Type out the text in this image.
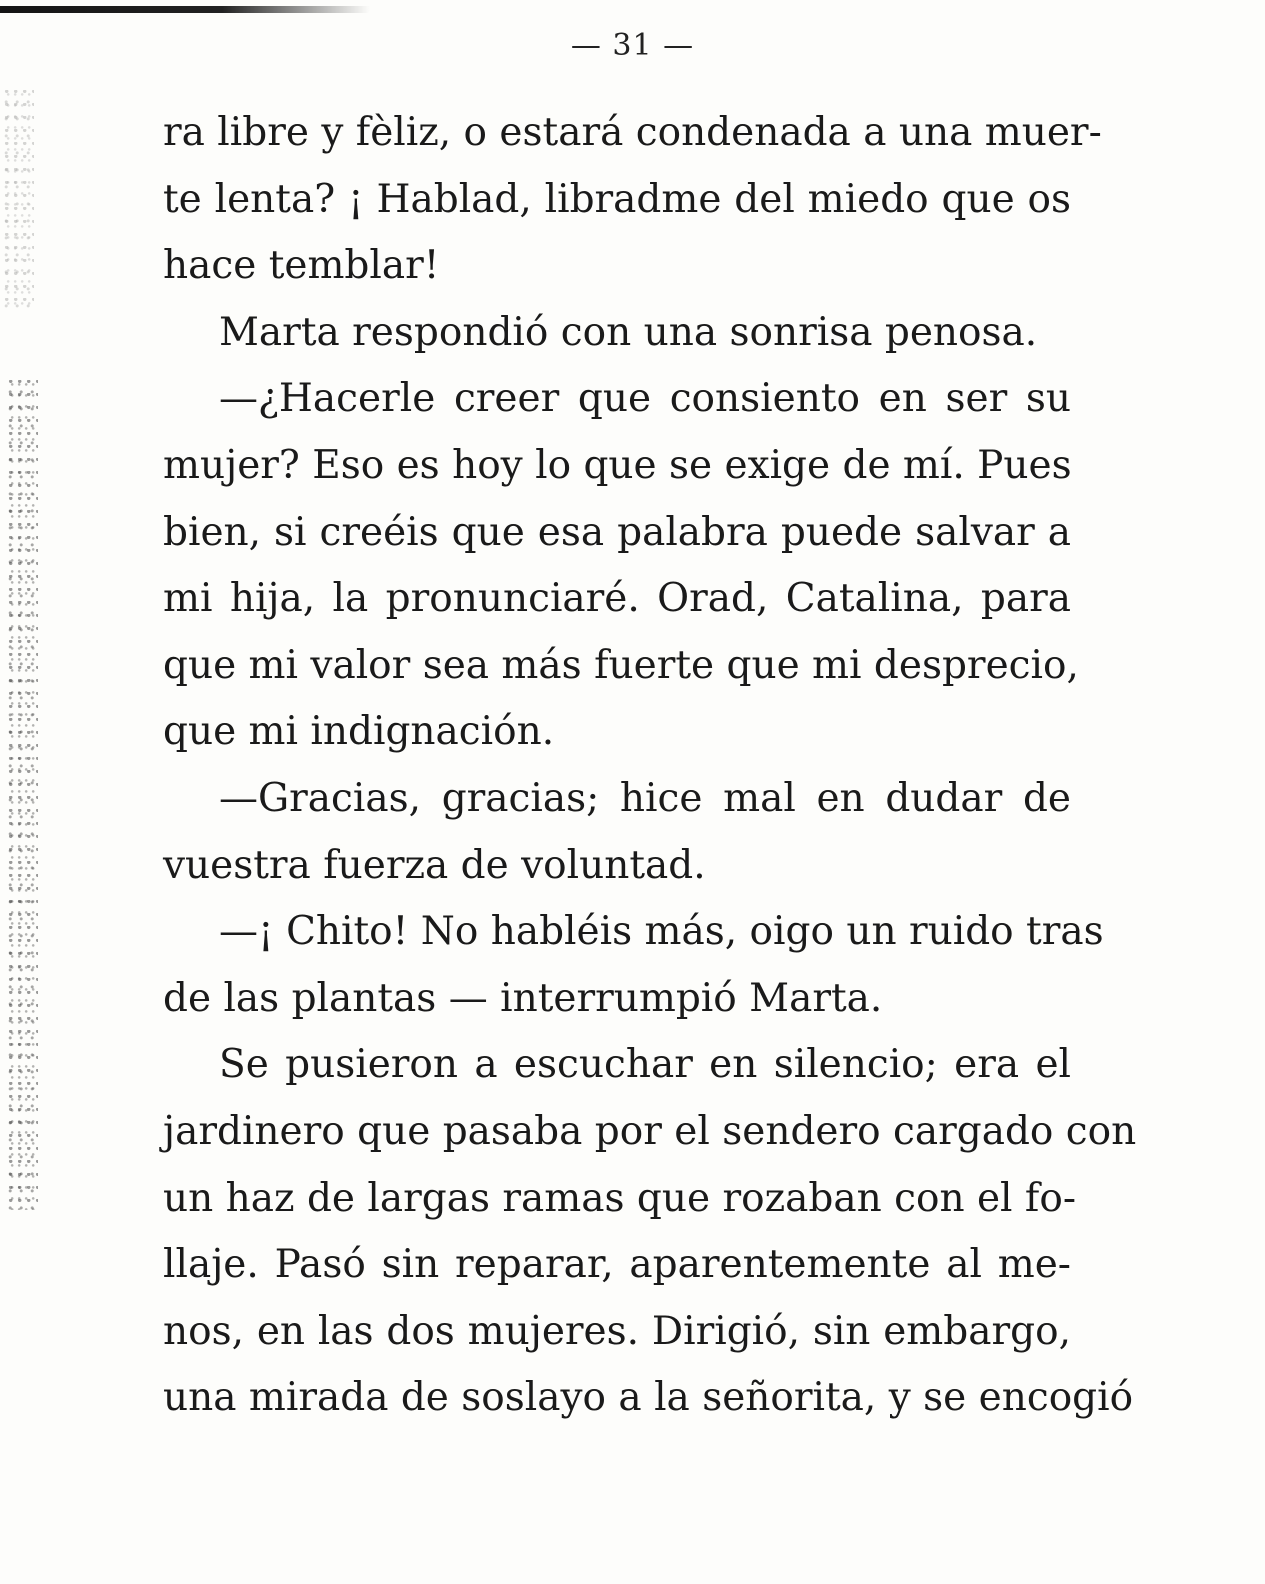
— 31 —
ra libre y fèliz, o estará condenada a una muer-
te lenta? ¡ Hablad, libradme del miedo que os
hace temblar!
Marta respondió con una sonrisa penosa.
—¿Hacerle creer que consiento en ser su
mujer? Eso es hoy lo que se exige de mí. Pues
bien, si creéis que esa palabra puede salvar a
mi hija, la pronunciaré. Orad, Catalina, para
que mi valor sea más fuerte que mi desprecio,
que mi indignación.
—Gracias, gracias; hice mal en dudar de
vuestra fuerza de voluntad.
—¡ Chito! No habléis más, oigo un ruido tras
de las plantas — interrumpió Marta.
Se pusieron a escuchar en silencio; era el
jardinero que pasaba por el sendero cargado con
un haz de largas ramas que rozaban con el fo-
llaje. Pasó sin reparar, aparentemente al me-
nos, en las dos mujeres. Dirigió, sin embargo,
una mirada de soslayo a la señorita, y se encogió
